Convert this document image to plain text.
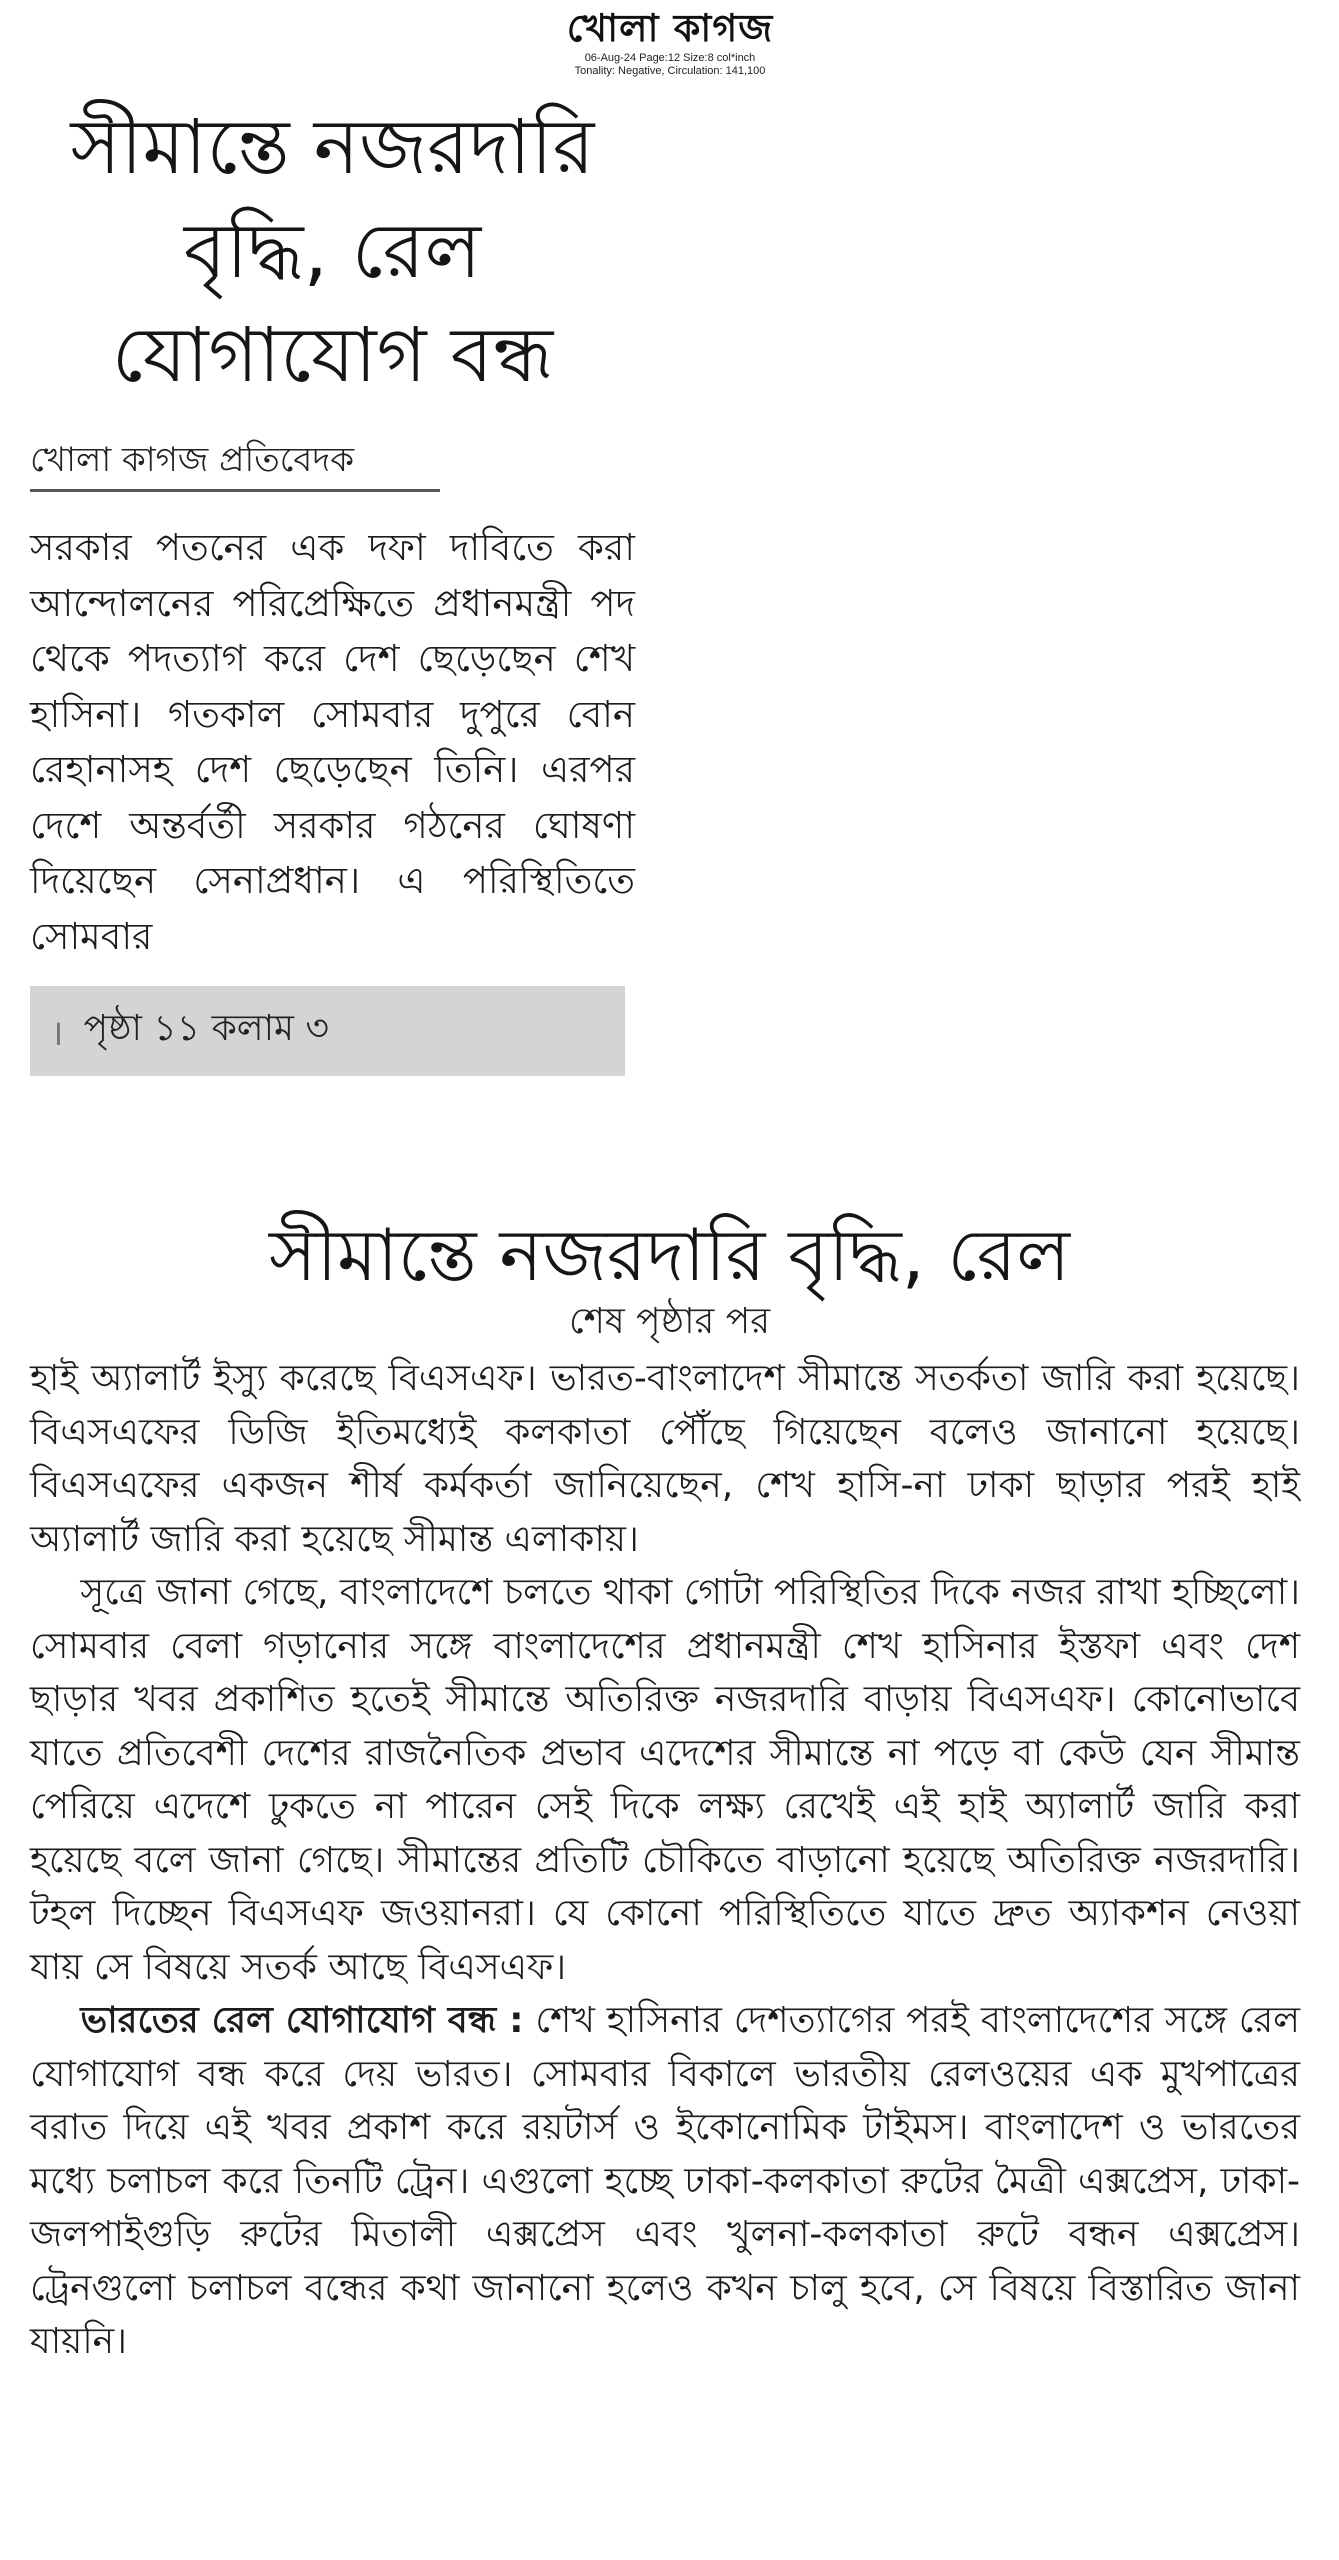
খোলা কাগজ
06-Aug-24 Page:12 Size:8 col*inch
Tonality: Negative, Circulation: 141,100
সীমান্তে নজরদারি বৃদ্ধি, রেল যোগাযোগ বন্ধ
খোলা কাগজ প্রতিবেদক
সরকার পতনের এক দফা দাবিতে করা আন্দোলনের পরিপ্রেক্ষিতে প্রধানমন্ত্রী পদ থেকে পদত্যাগ করে দেশ ছেড়েছেন শেখ হাসিনা। গতকাল সোমবার দুপুরে বোন রেহানাসহ দেশ ছেড়েছেন তিনি। এরপর দেশে অন্তর্বর্তী সরকার গঠনের ঘোষণা দিয়েছেন সেনাপ্রধান। এ পরিস্থিতিতে সোমবার
। পৃষ্ঠা ১১ কলাম ৩
সীমান্তে নজরদারি বৃদ্ধি, রেল
শেষ পৃষ্ঠার পর

হাই অ্যালার্ট ইস্যু করেছে বিএসএফ। ভারত-বাংলাদেশ সীমান্তে সতর্কতা জারি করা হয়েছে। বিএসএফের ডিজি ইতিমধ্যেই কলকাতা পৌঁছে গিয়েছেন বলেও জানানো হয়েছে। বিএসএফের একজন শীর্ষ কর্মকর্তা জানিয়েছেন, শেখ হাসি-না ঢাকা ছাড়ার পরই হাই অ্যালার্ট জারি করা হয়েছে সীমান্ত এলাকায়।

সূত্রে জানা গেছে, বাংলাদেশে চলতে থাকা গোটা পরিস্থিতির দিকে নজর রাখা হচ্ছিলো। সোমবার বেলা গড়ানোর সঙ্গে বাংলাদেশের প্রধানমন্ত্রী শেখ হাসিনার ইস্তফা এবং দেশ ছাড়ার খবর প্রকাশিত হতেই সীমান্তে অতিরিক্ত নজরদারি বাড়ায় বিএসএফ। কোনোভাবে যাতে প্রতিবেশী দেশের রাজনৈতিক প্রভাব এদেশের সীমান্তে না পড়ে বা কেউ যেন সীমান্ত পেরিয়ে এদেশে ঢুকতে না পারেন সেই দিকে লক্ষ্য রেখেই এই হাই অ্যালার্ট জারি করা হয়েছে বলে জানা গেছে। সীমান্তের প্রতিটি চৌকিতে বাড়ানো হয়েছে অতিরিক্ত নজরদারি। টহল দিচ্ছেন বিএসএফ জওয়ানরা। যে কোনো পরিস্থিতিতে যাতে দ্রুত অ্যাকশন নেওয়া যায় সে বিষয়ে সতর্ক আছে বিএসএফ।

ভারতের রেল যোগাযোগ বন্ধ : শেখ হাসিনার দেশত্যাগের পরই বাংলাদেশের সঙ্গে রেল যোগাযোগ বন্ধ করে দেয় ভারত। সোমবার বিকালে ভারতীয় রেলওয়ের এক মুখপাত্রের বরাত দিয়ে এই খবর প্রকাশ করে রয়টার্স ও ইকোনোমিক টাইমস। বাংলাদেশ ও ভারতের মধ্যে চলাচল করে তিনটি ট্রেন। এগুলো হচ্ছে ঢাকা-কলকাতা রুটের মৈত্রী এক্সপ্রেস, ঢাকা-জলপাইগুড়ি রুটের মিতালী এক্সপ্রেস এবং খুলনা-কলকাতা রুটে বন্ধন এক্সপ্রেস। ট্রেনগুলো চলাচল বন্ধের কথা জানানো হলেও কখন চালু হবে, সে বিষয়ে বিস্তারিত জানা যায়নি।
